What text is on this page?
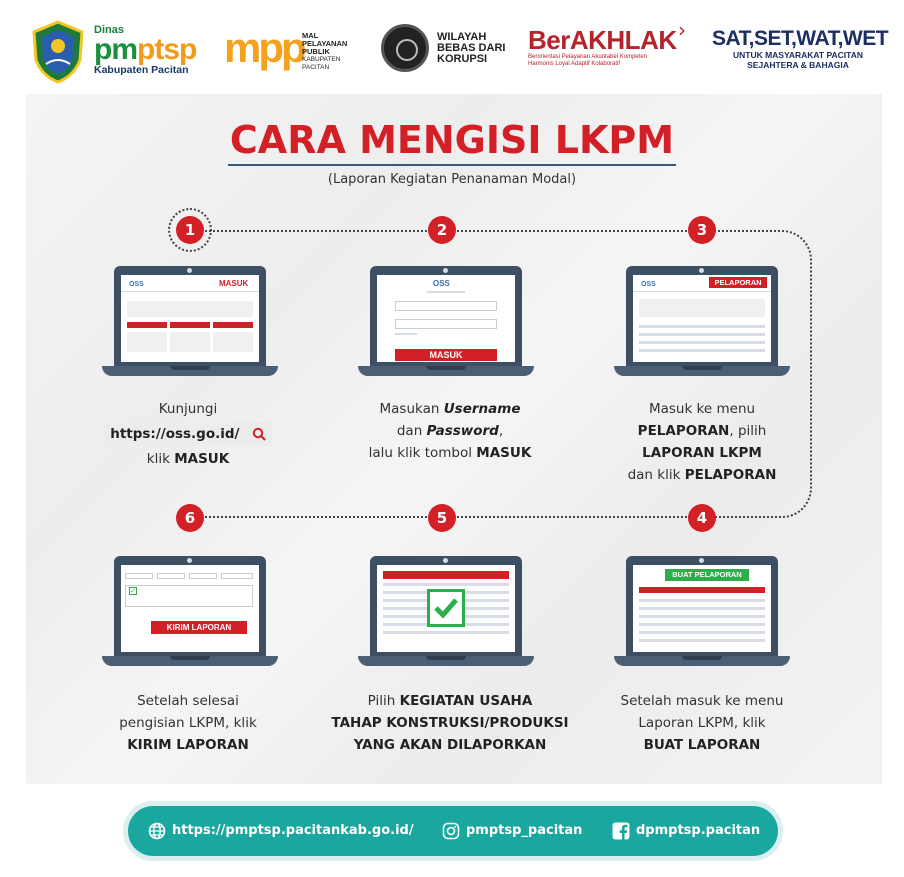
Dinas
pmptsp
Kabupaten Pacitan mpp
MAL
PELAYANAN
PUBLIK
KABUPATEN
PACITAN
WILAYAH
BEBAS DARI
KORUPSI
BerAKHLAK
Berorientasi Pelayanan Akuntabel Kompeten
Harmonis Loyal Adaptif Kolaboratif
› SAT,SET,WAT,WET
UNTUK MASYARAKAT PACITAN
SEJAHTERA & BAHAGIA
CARA MENGISI LKPM
(Laporan Kegiatan Penanaman Modal)
1	2	3
4
5
6
OSS	MASUK	OSS
MASUK
OSS	PELAPORAN
✓
KIRIM LAPORAN
BUAT PELAPORAN
Kunjungi
https://oss.go.id/
klik MASUK
Masukan Username
dan Password,
lalu klik tombol MASUK
Masuk ke menu
PELAPORAN, pilih
LAPORAN LKPM
dan klik PELAPORAN
Setelah selesai
pengisian LKPM, klik
KIRIM LAPORAN
Pilih KEGIATAN USAHA
TAHAP KONSTRUKSI/PRODUKSI
YANG AKAN DILAPORKAN
Setelah masuk ke menu
Laporan LKPM, klik
BUAT LAPORAN
https://pmptsp.pacitankab.go.id/	pmptsp_pacitan	dpmptsp.pacitan
